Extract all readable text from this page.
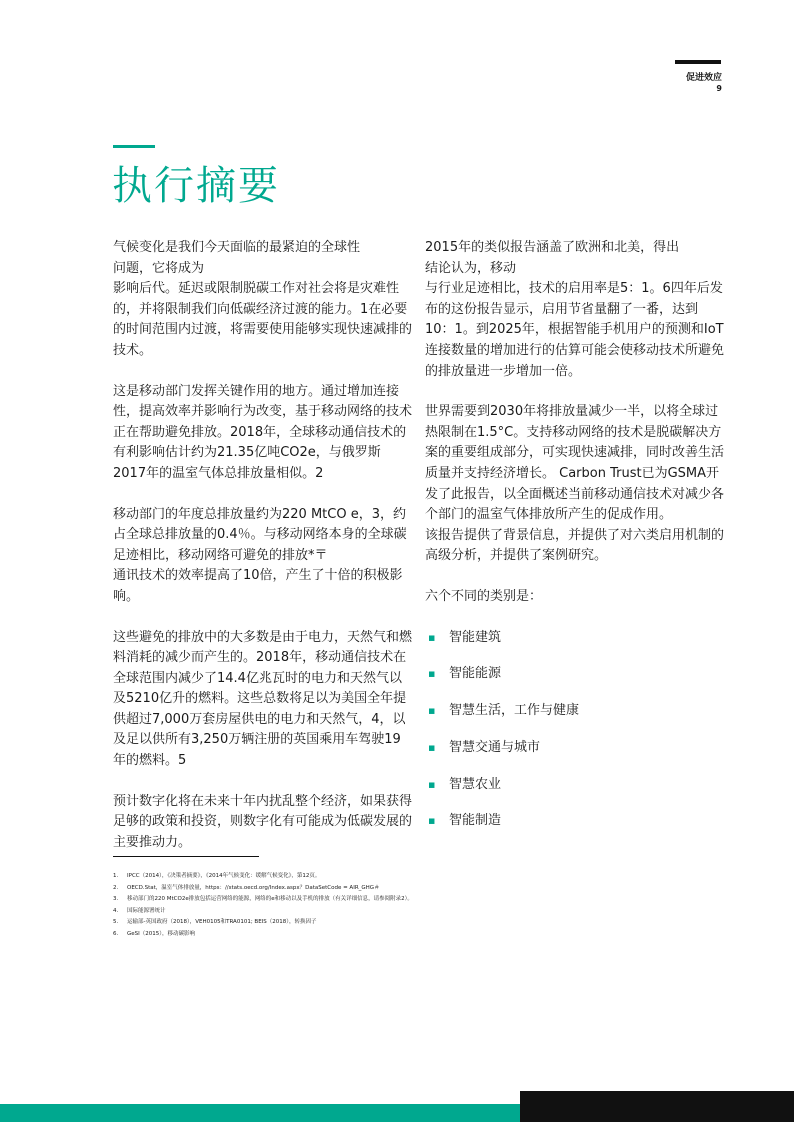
促进效应
9
执行摘要

气候变化是我们今天面临的最紧迫的全球性
问题，它将成为
影响后代。延迟或限制脱碳工作对社会将是灾难性的，并将限制我们向低碳经济过渡的能力。1在必要的时间范围内过渡，将需要使用能够实现快速减排的技术。

这是移动部门发挥关键作用的地方。通过增加连接性，提高效率并影响行为改变，基于移动网络的技术正在帮助避免排放。2018年，全球移动通信技术的有利影响估计约为21.35亿吨CO2e，与俄罗斯2017年的温室气体总排放量相似。2

移动部门的年度总排放量约为220 MtCO e，3，约占全球总排放量的0.4％。与移动网络本身的全球碳足迹相比，移动网络可避免的排放*〒
通讯技术的效率提高了10倍，产生了十倍的积极影响。

这些避免的排放中的大多数是由于电力，天然气和燃料消耗的减少而产生的。2018年，移动通信技术在全球范围内减少了14.4亿兆瓦时的电力和天然气以及5210亿升的燃料。这些总数将足以为美国全年提供超过7,000万套房屋供电的电力和天然气，4，以及足以供所有3,250万辆注册的英国乘用车驾驶19年的燃料。5

预计数字化将在未来十年内扰乱整个经济，如果获得足够的政策和投资，则数字化有可能成为低碳发展的主要推动力。

2015年的类似报告涵盖了欧洲和北美，得出
结论认为，移动
与行业足迹相比，技术的启用率是5：1。6四年后发布的这份报告显示，启用节省量翻了一番，达到10：1。到2025年，根据智能手机用户的预测和IoT连接数量的增加进行的估算可能会使移动技术所避免的排放量进一步增加一倍。

世界需要到2030年将排放量减少一半，以将全球过热限制在1.5°C。支持移动网络的技术是脱碳解决方案的重要组成部分，可实现快速减排，同时改善生活质量并支持经济增长。 Carbon Trust已为GSMA开发了此报告，以全面概述当前移动通信技术对减少各个部门的温室气体排放所产生的促成作用。

该报告提供了背景信息，并提供了对六类启用机制的高级分析，并提供了案例研究。

六个不同的类别是：

▪ 智能建筑
▪ 智能能源
▪ 智慧生活，工作与健康
▪ 智慧交通与城市
▪ 智慧农业
▪ 智能制造
1. IPCC（2014），《决策者摘要》，《2014年气候变化：缓解气候变化》，第12页。
2. OECD.Stat，温室气体排放量，https：//stats.oecd.org/Index.aspx？DataSetCode = AIR_GHG＃
3. 移动部门的220 MtCO2e排放包括运营网络的能源，网络的e和移动以及手机的排放（有关详细信息，请参阅附录2）。
4. 国际能源署统计
5. 运输部-英国政府（2018），VEH0105和TRA0101; BEIS（2018），转换因子
6. GeSI（2015），移动碳影响
